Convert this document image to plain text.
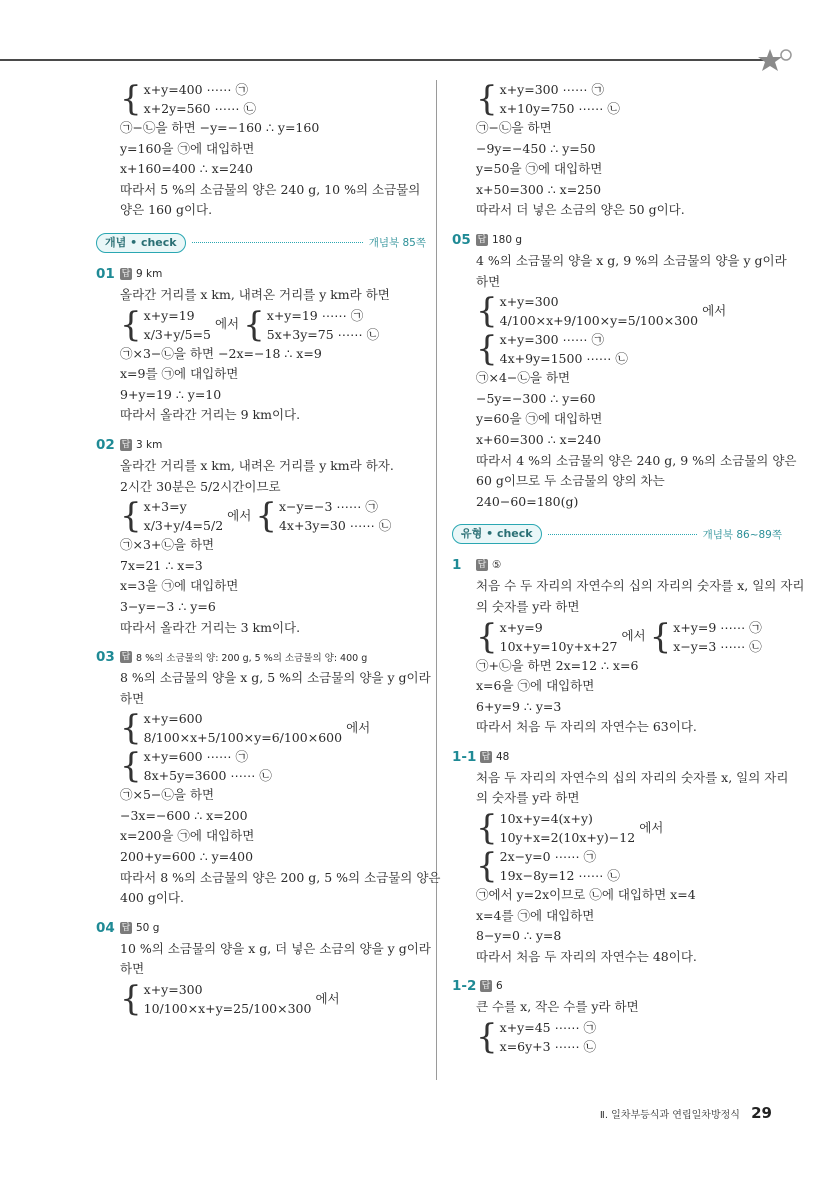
{ x+y=400 ⋯⋯ ㉠
x+2y=560 ⋯⋯ ㉡
㉠−㉡을 하면 −y=−160 ∴ y=160
y=160을 ㉠에 대입하면
x+160=400 ∴ x=240
따라서 5 %의 소금물의 양은 240 g, 10 %의 소금물의
양은 160 g이다.
개념 • check	개념북 85쪽
01 답 9 km
올라간 거리를 x km, 내려온 거리를 y km라 하면
{ x+y=19
x/3+y/5=5
에서 { x+y=19 ⋯⋯ ㉠
5x+3y=75 ⋯⋯ ㉡
㉠×3−㉡을 하면 −2x=−18 ∴ x=9
x=9를 ㉠에 대입하면
9+y=19 ∴ y=10
따라서 올라간 거리는 9 km이다.
02 답 3 km
올라간 거리를 x km, 내려온 거리를 y km라 하자.
2시간 30분은 5/2시간이므로
{ x+3=y
x/3+y/4=5/2
에서 { x−y=−3 ⋯⋯ ㉠
4x+3y=30 ⋯⋯ ㉡
㉠×3+㉡을 하면
7x=21 ∴ x=3
x=3을 ㉠에 대입하면
3−y=−3 ∴ y=6
따라서 올라간 거리는 3 km이다.
03 답 8 %의 소금물의 양: 200 g, 5 %의 소금물의 양: 400 g
8 %의 소금물의 양을 x g, 5 %의 소금물의 양을 y g이라
하면
{ x+y=600
8/100×x+5/100×y=6/100×600
에서
{ x+y=600 ⋯⋯ ㉠
8x+5y=3600 ⋯⋯ ㉡
㉠×5−㉡을 하면
−3x=−600 ∴ x=200
x=200을 ㉠에 대입하면
200+y=600 ∴ y=400
따라서 8 %의 소금물의 양은 200 g, 5 %의 소금물의 양은
400 g이다.
04 답 50 g
10 %의 소금물의 양을 x g, 더 넣은 소금의 양을 y g이라
하면
{ x+y=300
10/100×x+y=25/100×300
에서
{ x+y=300 ⋯⋯ ㉠
x+10y=750 ⋯⋯ ㉡
㉠−㉡을 하면
−9y=−450 ∴ y=50
y=50을 ㉠에 대입하면
x+50=300 ∴ x=250
따라서 더 넣은 소금의 양은 50 g이다.
05 답 180 g
4 %의 소금물의 양을 x g, 9 %의 소금물의 양을 y g이라
하면
{ x+y=300
4/100×x+9/100×y=5/100×300
에서
{ x+y=300 ⋯⋯ ㉠
4x+9y=1500 ⋯⋯ ㉡
㉠×4−㉡을 하면
−5y=−300 ∴ y=60
y=60을 ㉠에 대입하면
x+60=300 ∴ x=240
따라서 4 %의 소금물의 양은 240 g, 9 %의 소금물의 양은
60 g이므로 두 소금물의 양의 차는
240−60=180(g)
유형 • check	개념북 86~89쪽
1	답 ⑤
처음 수 두 자리의 자연수의 십의 자리의 숫자를 x, 일의 자리
의 숫자를 y라 하면
{ x+y=9
10x+y=10y+x+27
에서 { x+y=9 ⋯⋯ ㉠
x−y=3 ⋯⋯ ㉡
㉠+㉡을 하면 2x=12 ∴ x=6
x=6을 ㉠에 대입하면
6+y=9 ∴ y=3
따라서 처음 두 자리의 자연수는 63이다.
1-1 답 48
처음 두 자리의 자연수의 십의 자리의 숫자를 x, 일의 자리
의 숫자를 y라 하면
{ 10x+y=4(x+y)
10y+x=2(10x+y)−12
에서
{ 2x−y=0 ⋯⋯ ㉠
19x−8y=12 ⋯⋯ ㉡
㉠에서 y=2x이므로 ㉡에 대입하면 x=4
x=4를 ㉠에 대입하면
8−y=0 ∴ y=8
따라서 처음 두 자리의 자연수는 48이다.
1-2 답 6
큰 수를 x, 작은 수를 y라 하면
{ x+y=45 ⋯⋯ ㉠
x=6y+3 ⋯⋯ ㉡
Ⅱ. 일차부등식과 연립일차방정식 29
